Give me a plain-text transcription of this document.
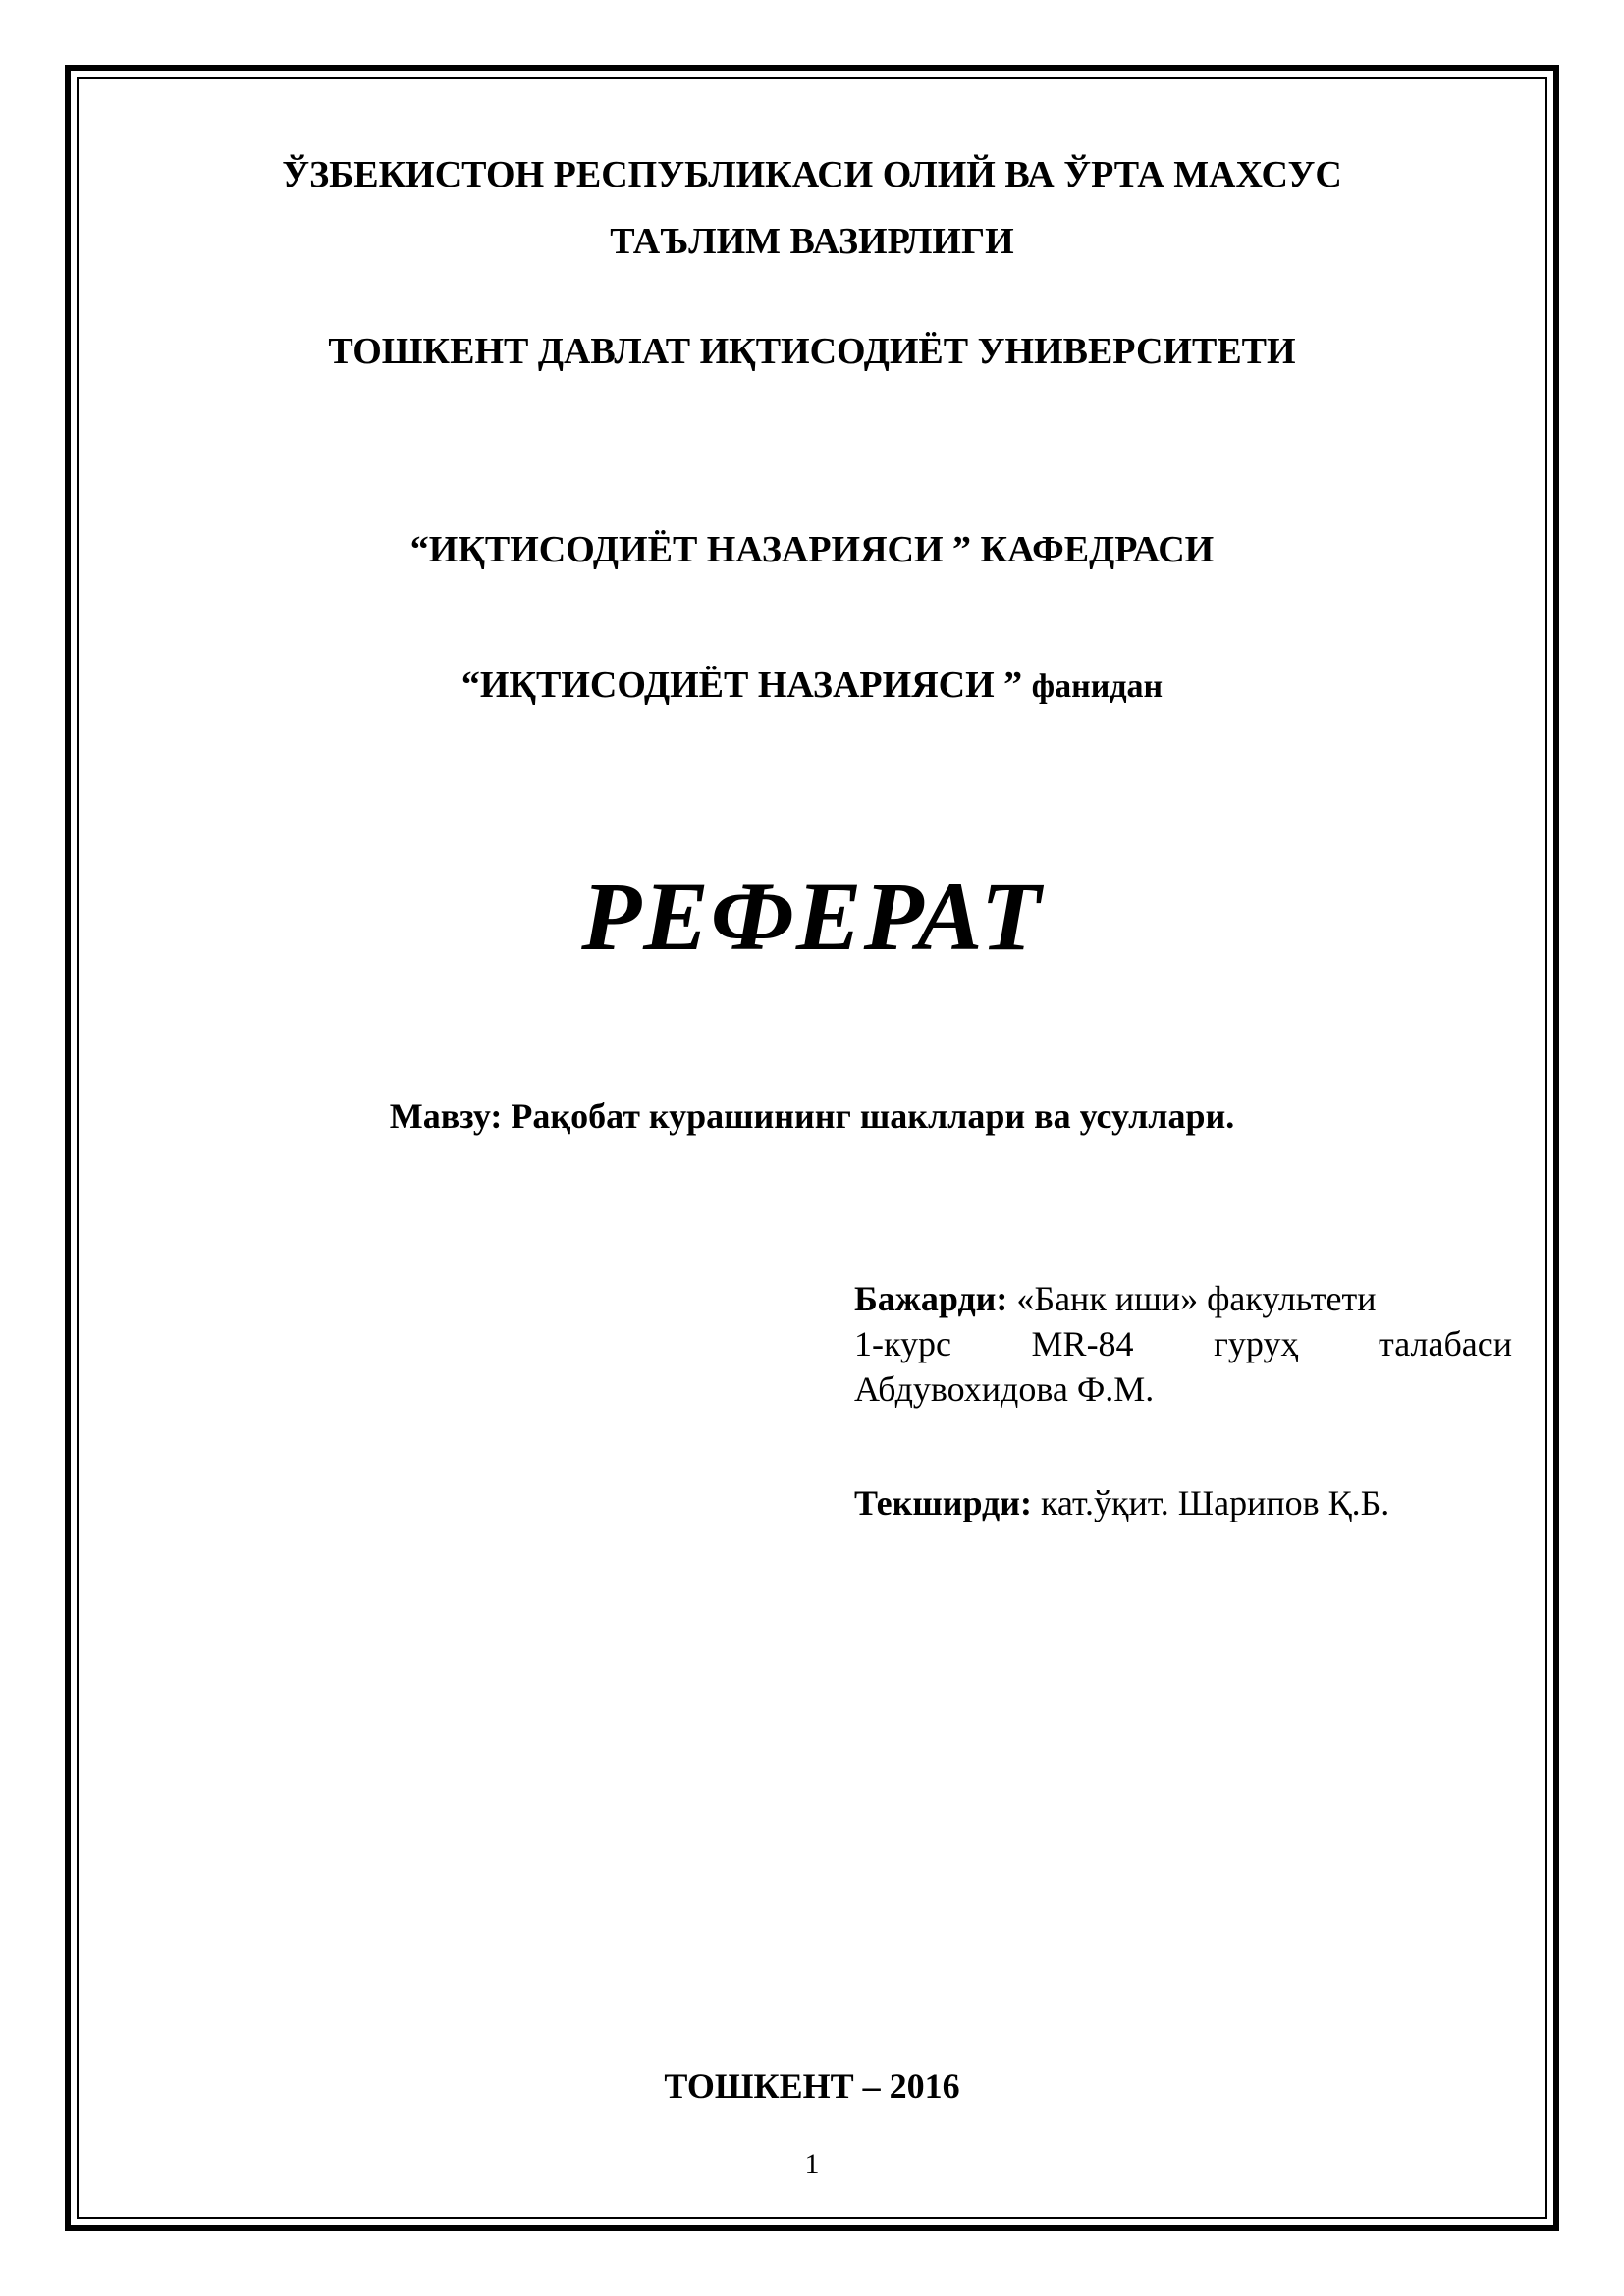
ЎЗБЕКИСТОН РЕСПУБЛИКАСИ ОЛИЙ ВА ЎРТА МАХСУС
ТАЪЛИМ ВАЗИРЛИГИ
ТОШКЕНТ ДАВЛАТ ИҚТИСОДИЁТ УНИВЕРСИТЕТИ
“ИҚТИСОДИЁТ НАЗАРИЯСИ ” КАФЕДРАСИ
“ИҚТИСОДИЁТ НАЗАРИЯСИ ” фанидан
РЕФЕРАТ
Мавзу: Рақобат курашининг шакллари ва усуллари.
Бажарди: «Банк иши» факультети
1-курс MR-84 гуруҳ талабаси
Абдувохидова Ф.М.
Текширди: кат.ўқит. Шарипов Қ.Б.
ТОШКЕНТ – 2016
1
